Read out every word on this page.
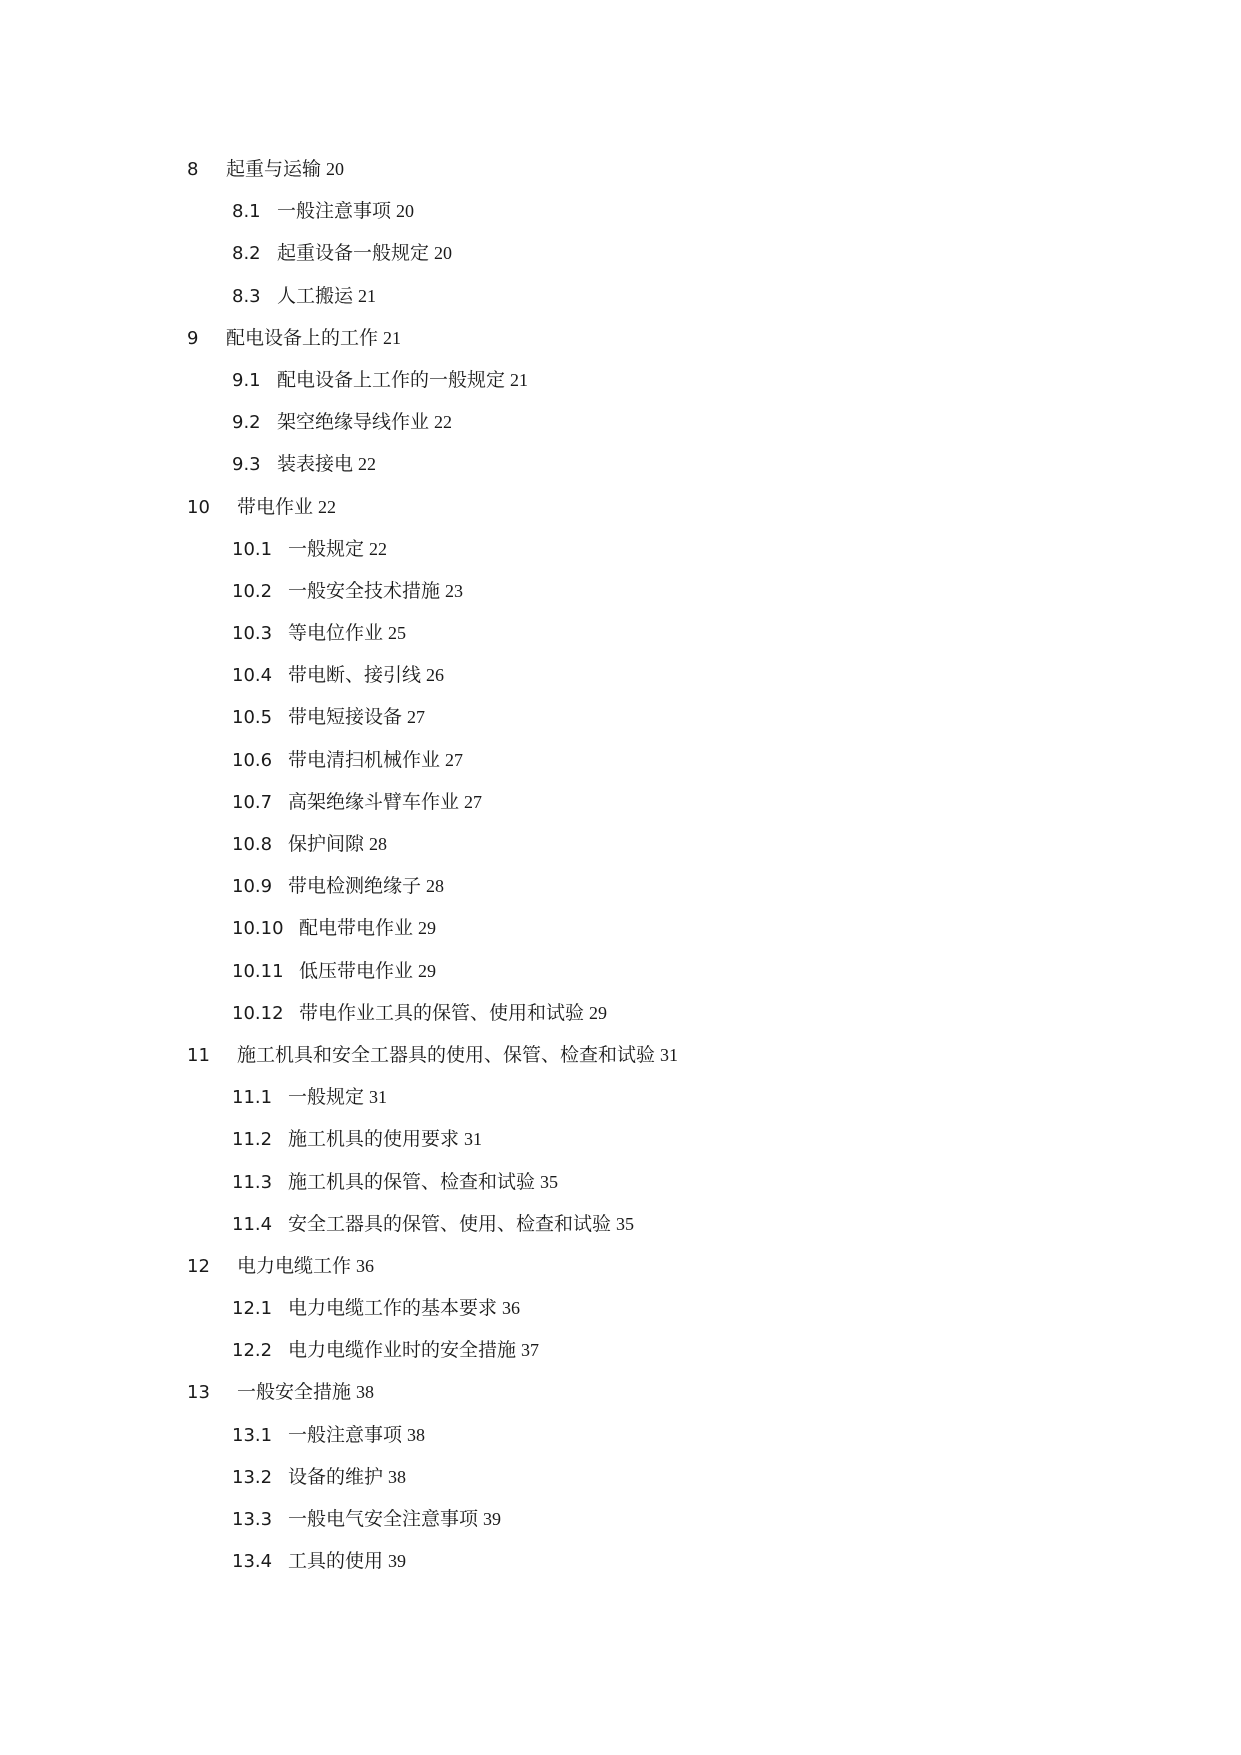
8 起重与运输 20
8.1 一般注意事项 20
8.2 起重设备一般规定 20
8.3 人工搬运 21
9 配电设备上的工作 21
9.1 配电设备上工作的一般规定 21
9.2 架空绝缘导线作业 22
9.3 装表接电 22
10 带电作业 22
10.1 一般规定 22
10.2 一般安全技术措施 23
10.3 等电位作业 25
10.4 带电断、接引线 26
10.5 带电短接设备 27
10.6 带电清扫机械作业 27
10.7 高架绝缘斗臂车作业 27
10.8 保护间隙 28
10.9 带电检测绝缘子 28
10.10 配电带电作业 29
10.11 低压带电作业 29
10.12 带电作业工具的保管、使用和试验 29
11 施工机具和安全工器具的使用、保管、检查和试验 31
11.1 一般规定 31
11.2 施工机具的使用要求 31
11.3 施工机具的保管、检查和试验 35
11.4 安全工器具的保管、使用、检查和试验 35
12 电力电缆工作 36
12.1 电力电缆工作的基本要求 36
12.2 电力电缆作业时的安全措施 37
13 一般安全措施 38
13.1 一般注意事项 38
13.2 设备的维护 38
13.3 一般电气安全注意事项 39
13.4 工具的使用 39
